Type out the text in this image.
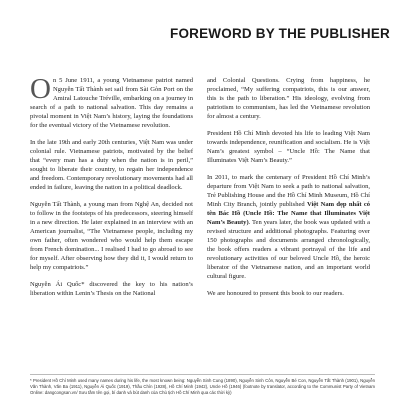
FOREWORD BY THE PUBLISHER

On 5 June 1911, a young Vietnamese patriot named Nguyễn Tất Thành set sail from Sài Gòn Port on the Amiral Latouche Tréville, embarking on a journey in search of a path to national salvation. This day remains a pivotal moment in Việt Nam’s history, laying the foundations for the eventual victory of the Vietnamese revolution.

In the late 19th and early 20th centuries, Việt Nam was under colonial rule. Vietnamese patriots, motivated by the belief that “every man has a duty when the nation is in peril,” sought to liberate their country, to regain her independence and freedom. Contemporary revolutionary movements had all ended in failure, leaving the nation in a political deadlock.

Nguyễn Tất Thành, a young man from Nghệ An, decided not to follow in the footsteps of his predecessors, steering himself in a new direction. He later explained in an interview with an American journalist, “The Vietnamese people, including my own father, often wondered who would help them escape from French domination... I realised I had to go abroad to see for myself. After observing how they did it, I would return to help my compatriots.”

Nguyễn Ái Quốc* discovered the key to his nation’s liberation within Lenin’s Thesis on the National

and Colonial Questions. Crying from happiness, he proclaimed, “My suffering compatriots, this is our answer, this is the path to liberation.” His ideology, evolving from patriotism to communism, has led the Vietnamese revolution for almost a century.

President Hồ Chí Minh devoted his life to leading Việt Nam towards independence, reunification and socialism. He is Việt Nam’s greatest symbol – “Uncle Hồ: The Name that Illuminates Việt Nam’s Beauty.”

In 2011, to mark the centenary of President Hồ Chí Minh’s departure from Việt Nam to seek a path to national salvation, Trẻ Publishing House and the Hồ Chí Minh Museum, Hồ Chí Minh City Branch, jointly published Việt Nam đẹp nhất có tên Bác Hồ (Uncle Hồ: The Name that Illuminates Việt Nam’s Beauty). Ten years later, the book was updated with a revised structure and additional photographs. Featuring over 150 photographs and documents arranged chronologically, the book offers readers a vibrant portrayal of the life and revolutionary activities of our beloved Uncle Hồ, the heroic liberator of the Vietnamese nation, and an important world cultural figure.

We are honoured to present this book to our readers.

* President Hồ Chí Minh used many names during his life, the most known being: Nguyễn Sinh Cung (1890), Nguyễn Sinh Côn, Nguyễn Bé Con, Nguyễn Tất Thành (1901), Nguyễn Văn Thành, Văn Ba (1911), Nguyễn Ái Quốc (1919), Thầu Chín (1928), Hồ Chí Minh (1942), Uncle Hồ (1946) (footnote by translator, according to the Communist Party of Vietnam Online: dangcongsan.vn/ Sưu tầm tên gọi, bí danh và bút danh của Chủ tịch Hồ Chí Minh qua các thời kỳ)
